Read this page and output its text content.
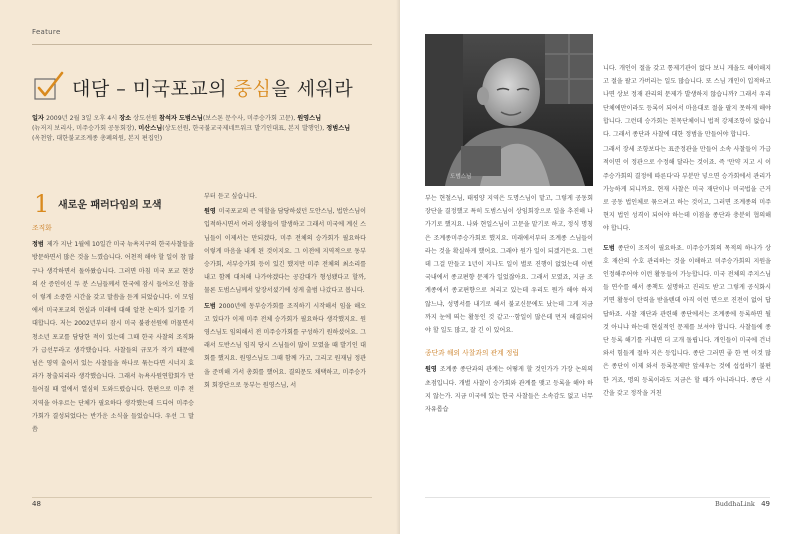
Feature
대담 – 미국포교의 중심을 세워라
일자 2009년 2월 3일 오후 4시 장소 상도선원 참석자 도범스님(보스톤 문수사, 미주승가회 고문), 원영스님
(뉴저지 보리사, 미주승가회 공동회장), 미산스님(상도선원, 한국불교국제네트워크 발기인대표, 본지 발행인), 정범스님
(옥천암, 대한불교조계종 총폐의원, 본지 편집인)
1 새로운 패러다임의 모색
조직화

정범 제가 지난 1월에 10일간 미국 뉴욕지구의 한국사찰들을 방문하면서 많은 것을 느꼈습니다. 어천적 해야 할 일이 참 많구나 생각하면서 돌아왔습니다. 그러면 마침 미국 포교 현장의 산 증인이신 두 분 스님들께서 한국에 잠시 들어오신 참을 이 렇게 소중한 시간을 갖고 말씀을 듣게 되었습니다. 이 모임에서 미국포교의 현실과 미래에 대해 알찬 논의가 있기를 기대합니다. 저는 2002년부터 잠시 미국 불광선원에 머물면서 청소년 포교를 담당한 적이 있는데 그때 한국 사찰의 조직화가 급선무라고 생각했습니다. 사찰들의 규모가 작기 때문에 넘은 영역 출어서 있는 사찰들을 하나로 묶는다면 시너지 효과가 창출되리라 생각했습니다. 그래서 뉴욕사원연합회가 만들어질 때 열에서 열심히 도와드렸습니다. 한편으로 미주 전 지역을 아우르는 단체가 필요하다 생각했는데 드디어 미주승가회가 결성되었다는 반가운 소식을 들었습니다. 우선 그 말씀

부터 듣고 싶습니다.

원영 미국포교의 큰 역할을 담당하셨던 도안스님, 법안스님이 입적하시면서 여러 상황들이 발생하고 그래서 미국에 계신 스님들이 이제서는 만되겠다, 미주 전체의 승가회가 필요하다 이렇게 마음을 내게 된 것이지요. 그 이전에 지역적으로 동부승가회, 서부승가회 등이 있긴 했지만 미주 전체의 최소리를 내고 함께 대처해 나가야겠다는 공감대가 형성됐다고 할까, 물론 도범스님께서 앞장서셨기에 성게 출범 나갔다고 봅니다.

도범 2000년에 동부승가회를 조직하기 시작해서 임을 해오고 있다가 이제 미주 전체 승가회가 필요하다 생각했지요. 원영스님도 임의해서 전 미주승가회를 구성하기 원하셨어요. 그래서 도반스님 임직 당시 스님들이 많이 모였을 때 발기인 대회를 했지요. 원영스님도 그때 함께 가고, 그리고 원재님 정관을 준비해 거서 총회를 했어요. 결의문도 채택하고, 미주승가회 회장단으로 동부는 원영스님, 서

48
도범스님

부는 현철스님, 태평양 지역은 도명스님이 맡고, 그렇게 공동회장단을 결정했고 특히 도범스님이 상임회장으로 일을 추진해 나가기로 했지요. 나와 현일스님이 고문을 맡기로 하고, 정식 명칭은 조계종미주승가회로 했지요. 미래에서부터 조계종 스님들이라는 것을 확실하게 했어요. 그래야 원가 일이 되겠거든요. 그런데 그걸 만들고 1년이 지나도 일이 별로 진행이 없었는데 이번 국내에서 종교편향 문제가 일었잖아요. 그래서 모였죠, 지금 조계종에서 종교편향으로 처리고 있는데 우리도 뭔가 해야 하지 않느냐, 성명서를 내기로 해서 불교신문에도 났는데 그게 지금까지 눈에 띄는 활동인 것 같고···함일이 많은데 먼저 해결되어야 할 일도 많고, 잘 긴 이 있어요.

종단과 해외 사찰과의 관계 정립

원영 조계종 종단과의 관계는 어떻게 할 것인가가 가장 논의의 초점입니다. 개별 사찰이 승가회와 관계를 맺고 등록을 해야 하지 않는가. 지금 미국에 있는 한국 사찰들은 소속감도 없고 너무 자유롭습

니다. 개인이 절을 갖고 통제기관이 없다 보니 게을도 해이해지고 절을 팔고 가버리는 일도 많습니다. 또 스님 개인이 입적하고 나면 상보 정재 관리의 문제가 발생하지 않습니까? 그래서 우리 단체에만이라도 등록이 되어서 마음대로 절을 팔지 못하게 해야 합니다. 그런데 승가회는 친목단체이니 법적 강제조항이 없습니다. 그래서 종단과 사찰에 대한 정범을 만들어야 합니다.

그래서 장세 조항보다는 표준정관을 만들어 소속 사찰들이 가급적이면 이 정관으로 수정해 달라는 것이죠. 즉 '만약 지고 시 이 주승가회의 결정에 따른다'라 부분만 넣으면 승가회에서 관리가 가능하게 되니까요. 현재 사찰은 미국 재단이나 미국법을 근거로 공동 법인체로 묶으려고 하는 것이고, 그러면 조계종의 미주 현지 법인 성격이 되어야 하는데 이점을 종단과 충분히 협의해야 합니다.

도범 종단이 조직이 필요하죠. 미주승가회의 목적의 하나가 상호 재산의 수호 관리하는 것을 이해하고 미주승가회의 지원을 인정해주어야 이런 활동들이 가능합니다. 미국 전체의 주지스님들 연수를 해서 종책도 설명하고 진리도 받고 그렇게 공식화시키면 활동이 탄력을 받을텐데 아직 이런 면으로 진전이 없어 답답하죠. 사찰 재단과 관련해 종단에서는 조계종에 등록하면 될 것 아니냐 하는데 현실적인 문제를 보셔야 합니다. 사찰들에 종단 등록 해기를 커내면 더 고개 돌립니다. 개인들이 미국에 건너와서 힘들게 절하 지은 등입니다. 종단 그러면 좋 한 번 이것 많은 종단이 이제 와서 등록문제만 앞세우는 것에 섭섭하기 불편한 거죠, 명의 등록이라도 지금은 할 때가 아니라니다. 종단 시간을 갖고 정작을 거친

BuddhaLink 49
